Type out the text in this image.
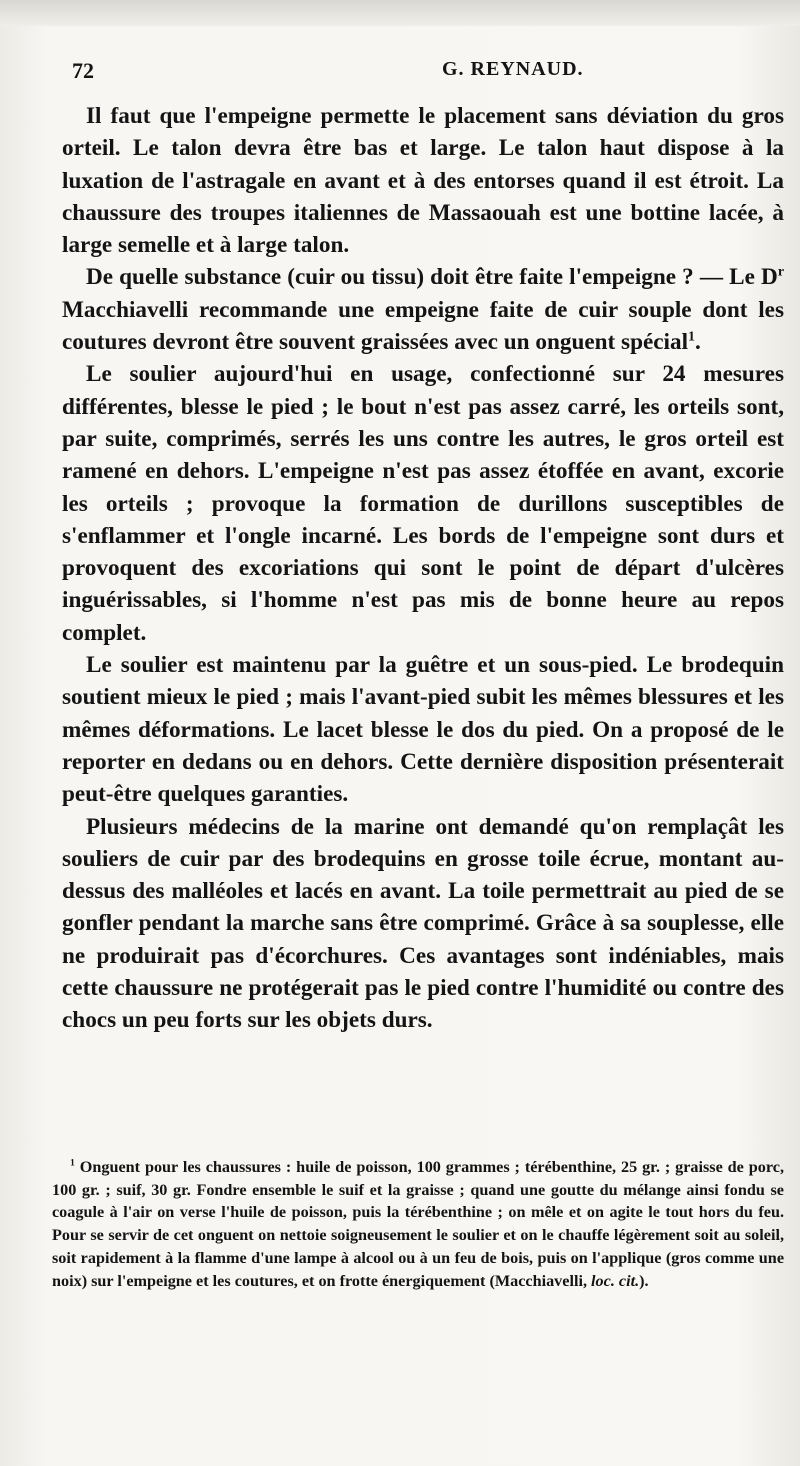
72	G. REYNAUD.

Il faut que l'empeigne permette le placement sans déviation du gros orteil. Le talon devra être bas et large. Le talon haut dispose à la luxation de l'astragale en avant et à des entorses quand il est étroit. La chaussure des troupes italiennes de Massaouah est une bottine lacée, à large semelle et à large talon.

De quelle substance (cuir ou tissu) doit être faite l'empeigne ? — Le $D^r$ Macchiavelli recommande une empeigne faite de cuir souple dont les coutures devront être souvent graissées avec un onguent spécial$^1$.

Le soulier aujourd'hui en usage, confectionné sur 24 mesures différentes, blesse le pied ; le bout n'est pas assez carré, les orteils sont, par suite, comprimés, serrés les uns contre les autres, le gros orteil est ramené en dehors. L'empeigne n'est pas assez étoffée en avant, excorie les orteils ; provoque la formation de durillons susceptibles de s'enflammer et l'ongle incarné. Les bords de l'empeigne sont durs et provoquent des excoriations qui sont le point de départ d'ulcères inguérissables, si l'homme n'est pas mis de bonne heure au repos complet.

Le soulier est maintenu par la guêtre et un sous-pied. Le brodequin soutient mieux le pied ; mais l'avant-pied subit les mêmes blessures et les mêmes déformations. Le lacet blesse le dos du pied. On a proposé de le reporter en dedans ou en dehors. Cette dernière disposition présenterait peut-être quelques garanties.

Plusieurs médecins de la marine ont demandé qu'on remplaçât les souliers de cuir par des brodequins en grosse toile écrue, montant au-dessus des malléoles et lacés en avant. La toile permettrait au pied de se gonfler pendant la marche sans être comprimé. Grâce à sa souplesse, elle ne produirait pas d'écorchures. Ces avantages sont indéniables, mais cette chaussure ne protégerait pas le pied contre l'humidité ou contre des chocs un peu forts sur les objets durs.

$^1$ Onguent pour les chaussures : huile de poisson, 100 grammes ; térébenthine, 25 gr. ; graisse de porc, 100 gr. ; suif, 30 gr. Fondre ensemble le suif et la graisse ; quand une goutte du mélange ainsi fondu se coagule à l'air on verse l'huile de poisson, puis la térébenthine ; on mêle et on agite le tout hors du feu. Pour se servir de cet onguent on nettoie soigneusement le soulier et on le chauffe légèrement soit au soleil, soit rapidement à la flamme d'une lampe à alcool ou à un feu de bois, puis on l'applique (gros comme une noix) sur l'empeigne et les coutures, et on frotte énergiquement (Macchiavelli, loc. cit.).
